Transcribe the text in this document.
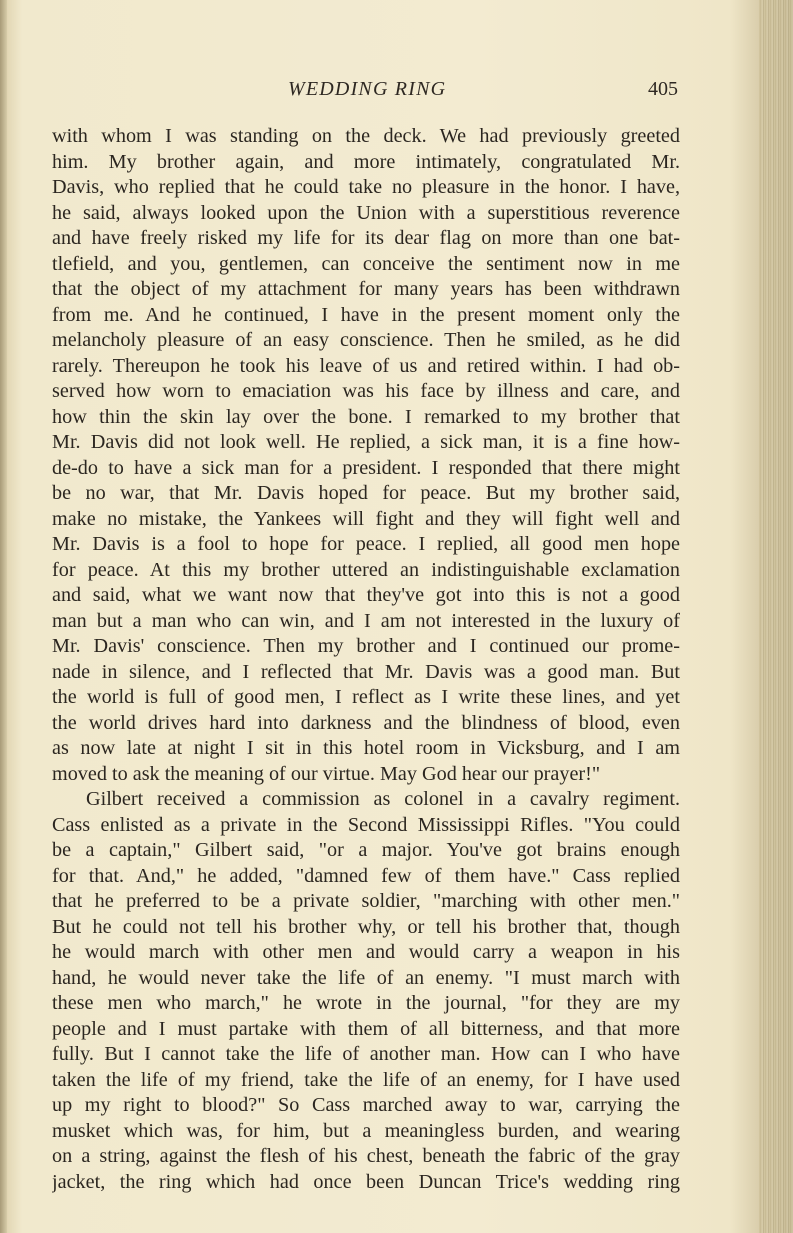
WEDDING RING	405
with whom I was standing on the deck. We had previously greeted
him. My brother again, and more intimately, congratulated Mr.
Davis, who replied that he could take no pleasure in the honor. I have,
he said, always looked upon the Union with a superstitious reverence
and have freely risked my life for its dear flag on more than one bat-
tlefield, and you, gentlemen, can conceive the sentiment now in me
that the object of my attachment for many years has been withdrawn
from me. And he continued, I have in the present moment only the
melancholy pleasure of an easy conscience. Then he smiled, as he did
rarely. Thereupon he took his leave of us and retired within. I had ob-
served how worn to emaciation was his face by illness and care, and
how thin the skin lay over the bone. I remarked to my brother that
Mr. Davis did not look well. He replied, a sick man, it is a fine how-
de-do to have a sick man for a president. I responded that there might
be no war, that Mr. Davis hoped for peace. But my brother said,
make no mistake, the Yankees will fight and they will fight well and
Mr. Davis is a fool to hope for peace. I replied, all good men hope
for peace. At this my brother uttered an indistinguishable exclamation
and said, what we want now that they've got into this is not a good
man but a man who can win, and I am not interested in the luxury of
Mr. Davis' conscience. Then my brother and I continued our prome-
nade in silence, and I reflected that Mr. Davis was a good man. But
the world is full of good men, I reflect as I write these lines, and yet
the world drives hard into darkness and the blindness of blood, even
as now late at night I sit in this hotel room in Vicksburg, and I am
moved to ask the meaning of our virtue. May God hear our prayer!"
Gilbert received a commission as colonel in a cavalry regiment.
Cass enlisted as a private in the Second Mississippi Rifles. "You could
be a captain," Gilbert said, "or a major. You've got brains enough
for that. And," he added, "damned few of them have." Cass replied
that he preferred to be a private soldier, "marching with other men."
But he could not tell his brother why, or tell his brother that, though
he would march with other men and would carry a weapon in his
hand, he would never take the life of an enemy. "I must march with
these men who march," he wrote in the journal, "for they are my
people and I must partake with them of all bitterness, and that more
fully. But I cannot take the life of another man. How can I who have
taken the life of my friend, take the life of an enemy, for I have used
up my right to blood?" So Cass marched away to war, carrying the
musket which was, for him, but a meaningless burden, and wearing
on a string, against the flesh of his chest, beneath the fabric of the gray
jacket, the ring which had once been Duncan Trice's wedding ring
